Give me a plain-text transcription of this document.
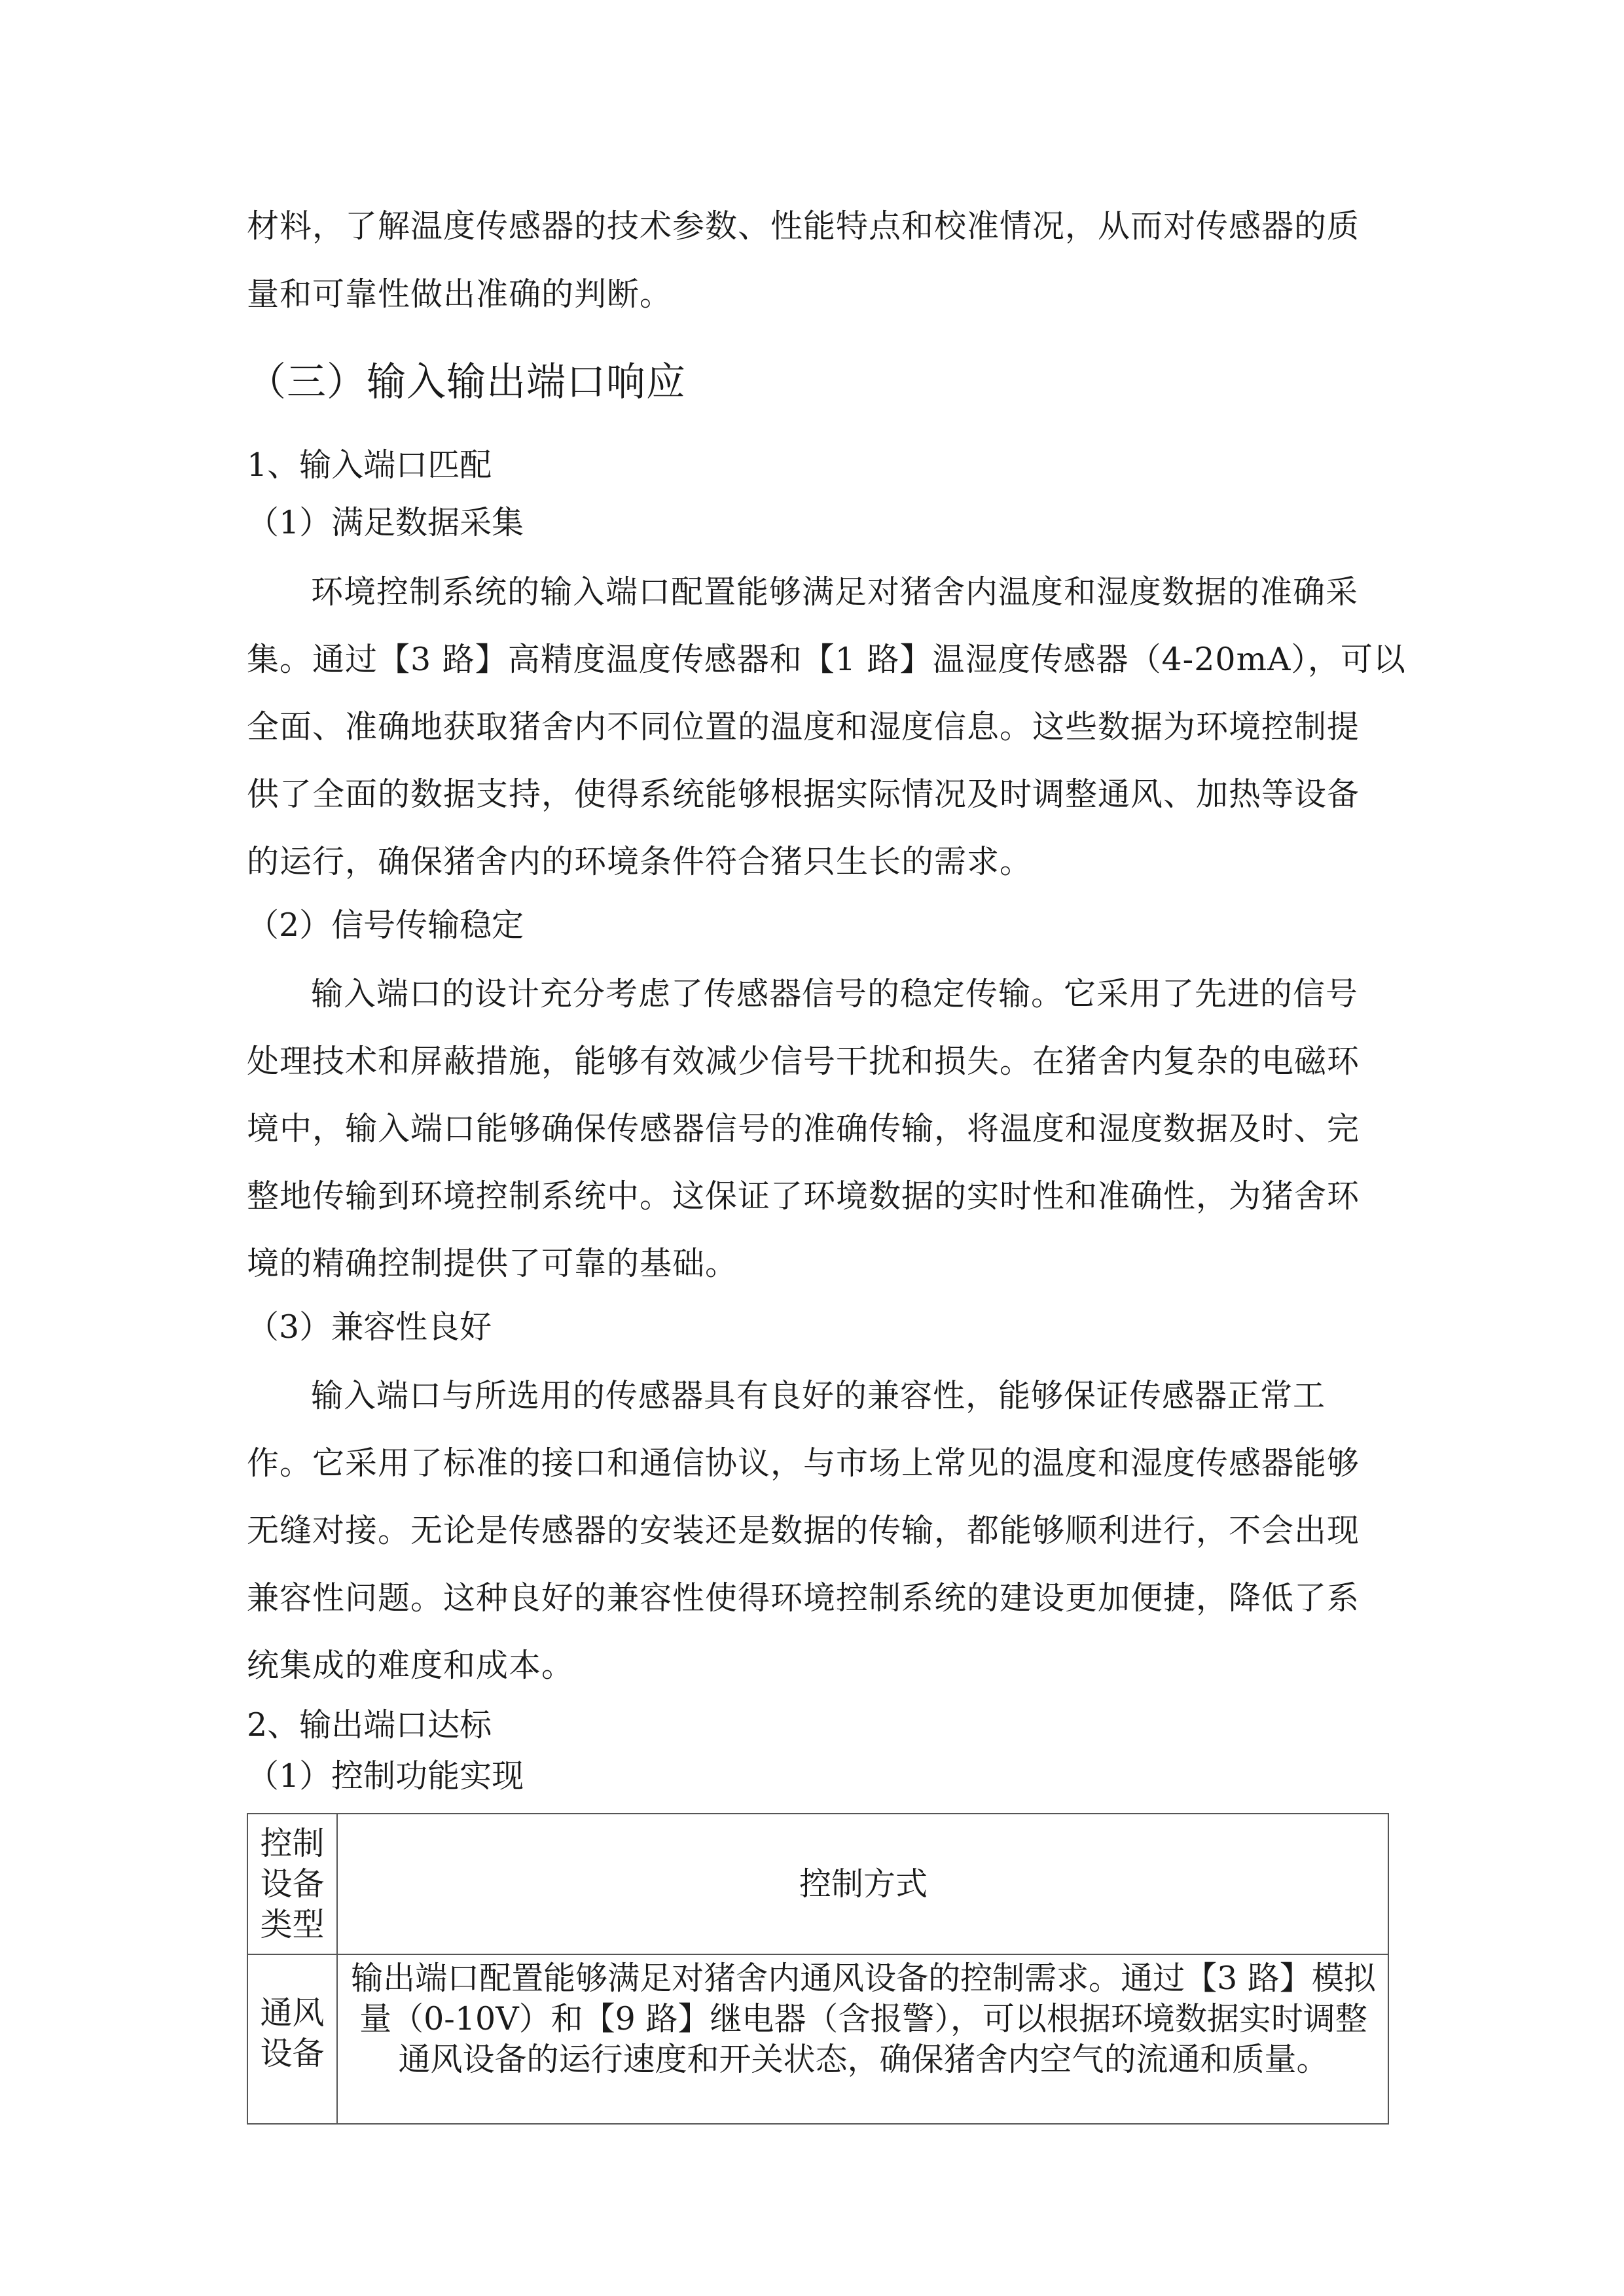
材料，了解温度传感器的技术参数、性能特点和校准情况，从而对传感器的质
量和可靠性做出准确的判断。
（三）输入输出端口响应
1、输入端口匹配
（1）满足数据采集
环境控制系统的输入端口配置能够满足对猪舍内温度和湿度数据的准确采
集。通过【3 路】高精度温度传感器和【1 路】温湿度传感器（4-20mA），可以
全面、准确地获取猪舍内不同位置的温度和湿度信息。这些数据为环境控制提
供了全面的数据支持，使得系统能够根据实际情况及时调整通风、加热等设备
的运行，确保猪舍内的环境条件符合猪只生长的需求。
（2）信号传输稳定
输入端口的设计充分考虑了传感器信号的稳定传输。它采用了先进的信号
处理技术和屏蔽措施，能够有效减少信号干扰和损失。在猪舍内复杂的电磁环
境中，输入端口能够确保传感器信号的准确传输，将温度和湿度数据及时、完
整地传输到环境控制系统中。这保证了环境数据的实时性和准确性，为猪舍环
境的精确控制提供了可靠的基础。
（3）兼容性良好
输入端口与所选用的传感器具有良好的兼容性，能够保证传感器正常工
作。它采用了标准的接口和通信协议，与市场上常见的温度和湿度传感器能够
无缝对接。无论是传感器的安装还是数据的传输，都能够顺利进行，不会出现
兼容性问题。这种良好的兼容性使得环境控制系统的建设更加便捷，降低了系
统集成的难度和成本。
2、输出端口达标
（1）控制功能实现
控制
设备
类型
控制方式
通风
设备
输出端口配置能够满足对猪舍内通风设备的控制需求。通过【3 路】模拟
量（0-10V）和【9 路】继电器（含报警），可以根据环境数据实时调整
通风设备的运行速度和开关状态，确保猪舍内空气的流通和质量。
